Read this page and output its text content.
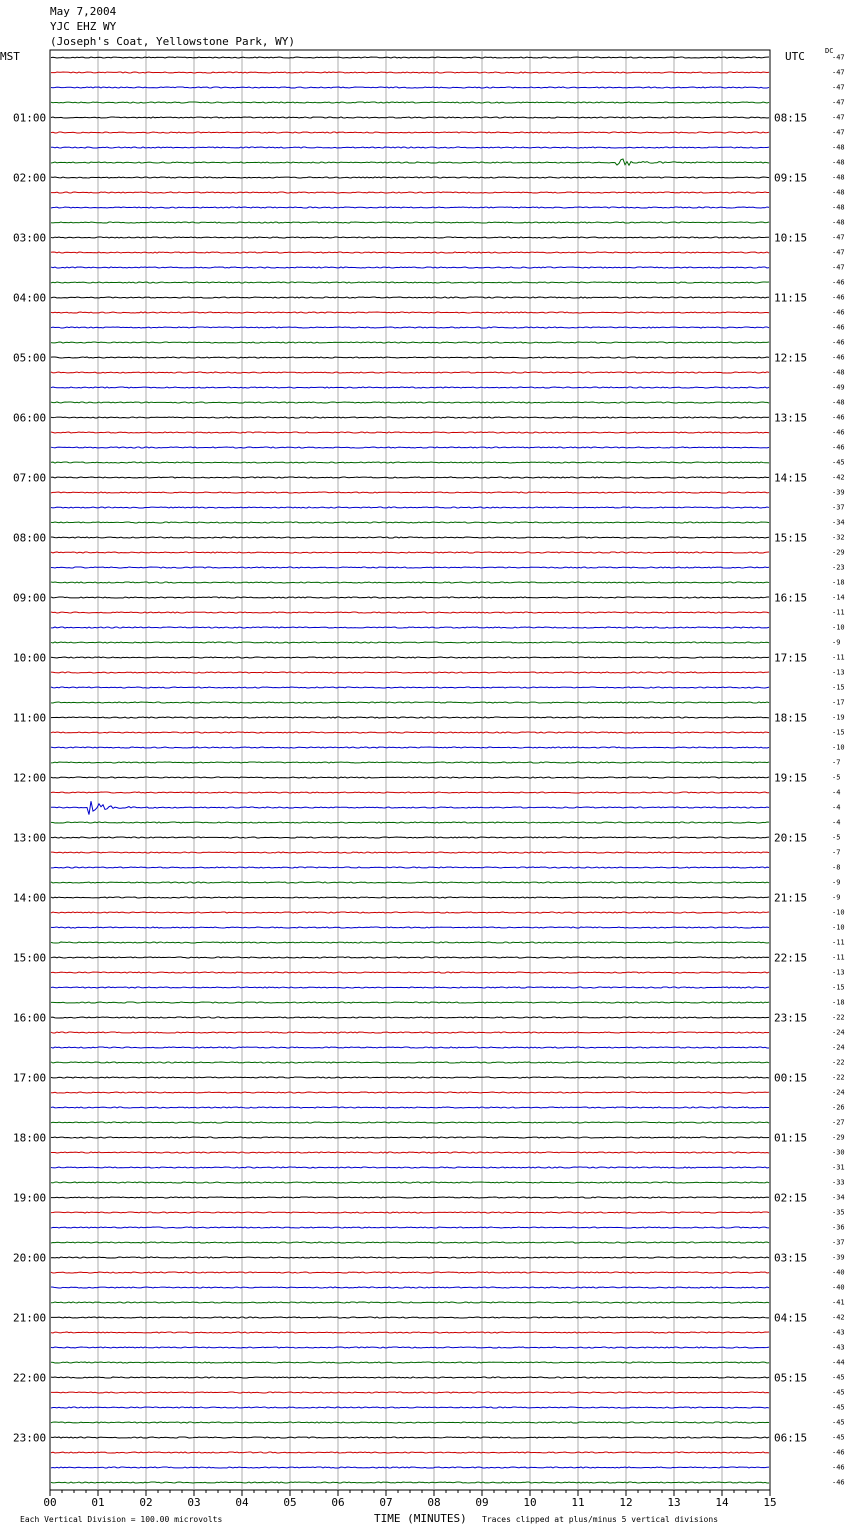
May 7,2004
YJC EHZ WY
(Joseph's Coat, Yellowstone Park, WY)
MST	UTC	DC
-47
-47
-47
-47
-47
-47
-48
-48
-48
-48
-48
-48
-47
-47
-47
-46
-46
-46
-46
-46
-46
-48
-49
-48
-46
-46
-46
-45
-42
-39
-37
-34
-32
-29
-23
-18
-14
-11
-10
-9
-11
-13
-15
-17
-19
-15
-10
-7
-5
-4
-4
-4
-5
-7
-8
-9
-9
-10
-10
-11
-11
-13
-15
-18
-22
-24
-24
-22
-22
-24
-26
-27
-29
-30
-31
-33
-34
-35
-36
-37
-39
-40
-40
-41
-42
-43
-43
-44
-45
-45
-45
-45
-45
-46
-46
-46
01:00	08:15
02:00	09:15
03:00	10:15
04:00	11:15
05:00	12:15
06:00	13:15
07:00	14:15
08:00	15:15
09:00	16:15
10:00	17:15
11:00	18:15
12:00	19:15
13:00	20:15
14:00	21:15
15:00	22:15
16:00	23:15
17:00	00:15
18:00	01:15
19:00	02:15
20:00	03:15
21:00	04:15
22:00	05:15
23:00	06:15
00	01	02	03	04	05	06	07	08	09	10	11	12	13	14	15
Each Vertical Division = 100.00 microvolts	TIME (MINUTES) Traces clipped at plus/minus 5 vertical divisions
